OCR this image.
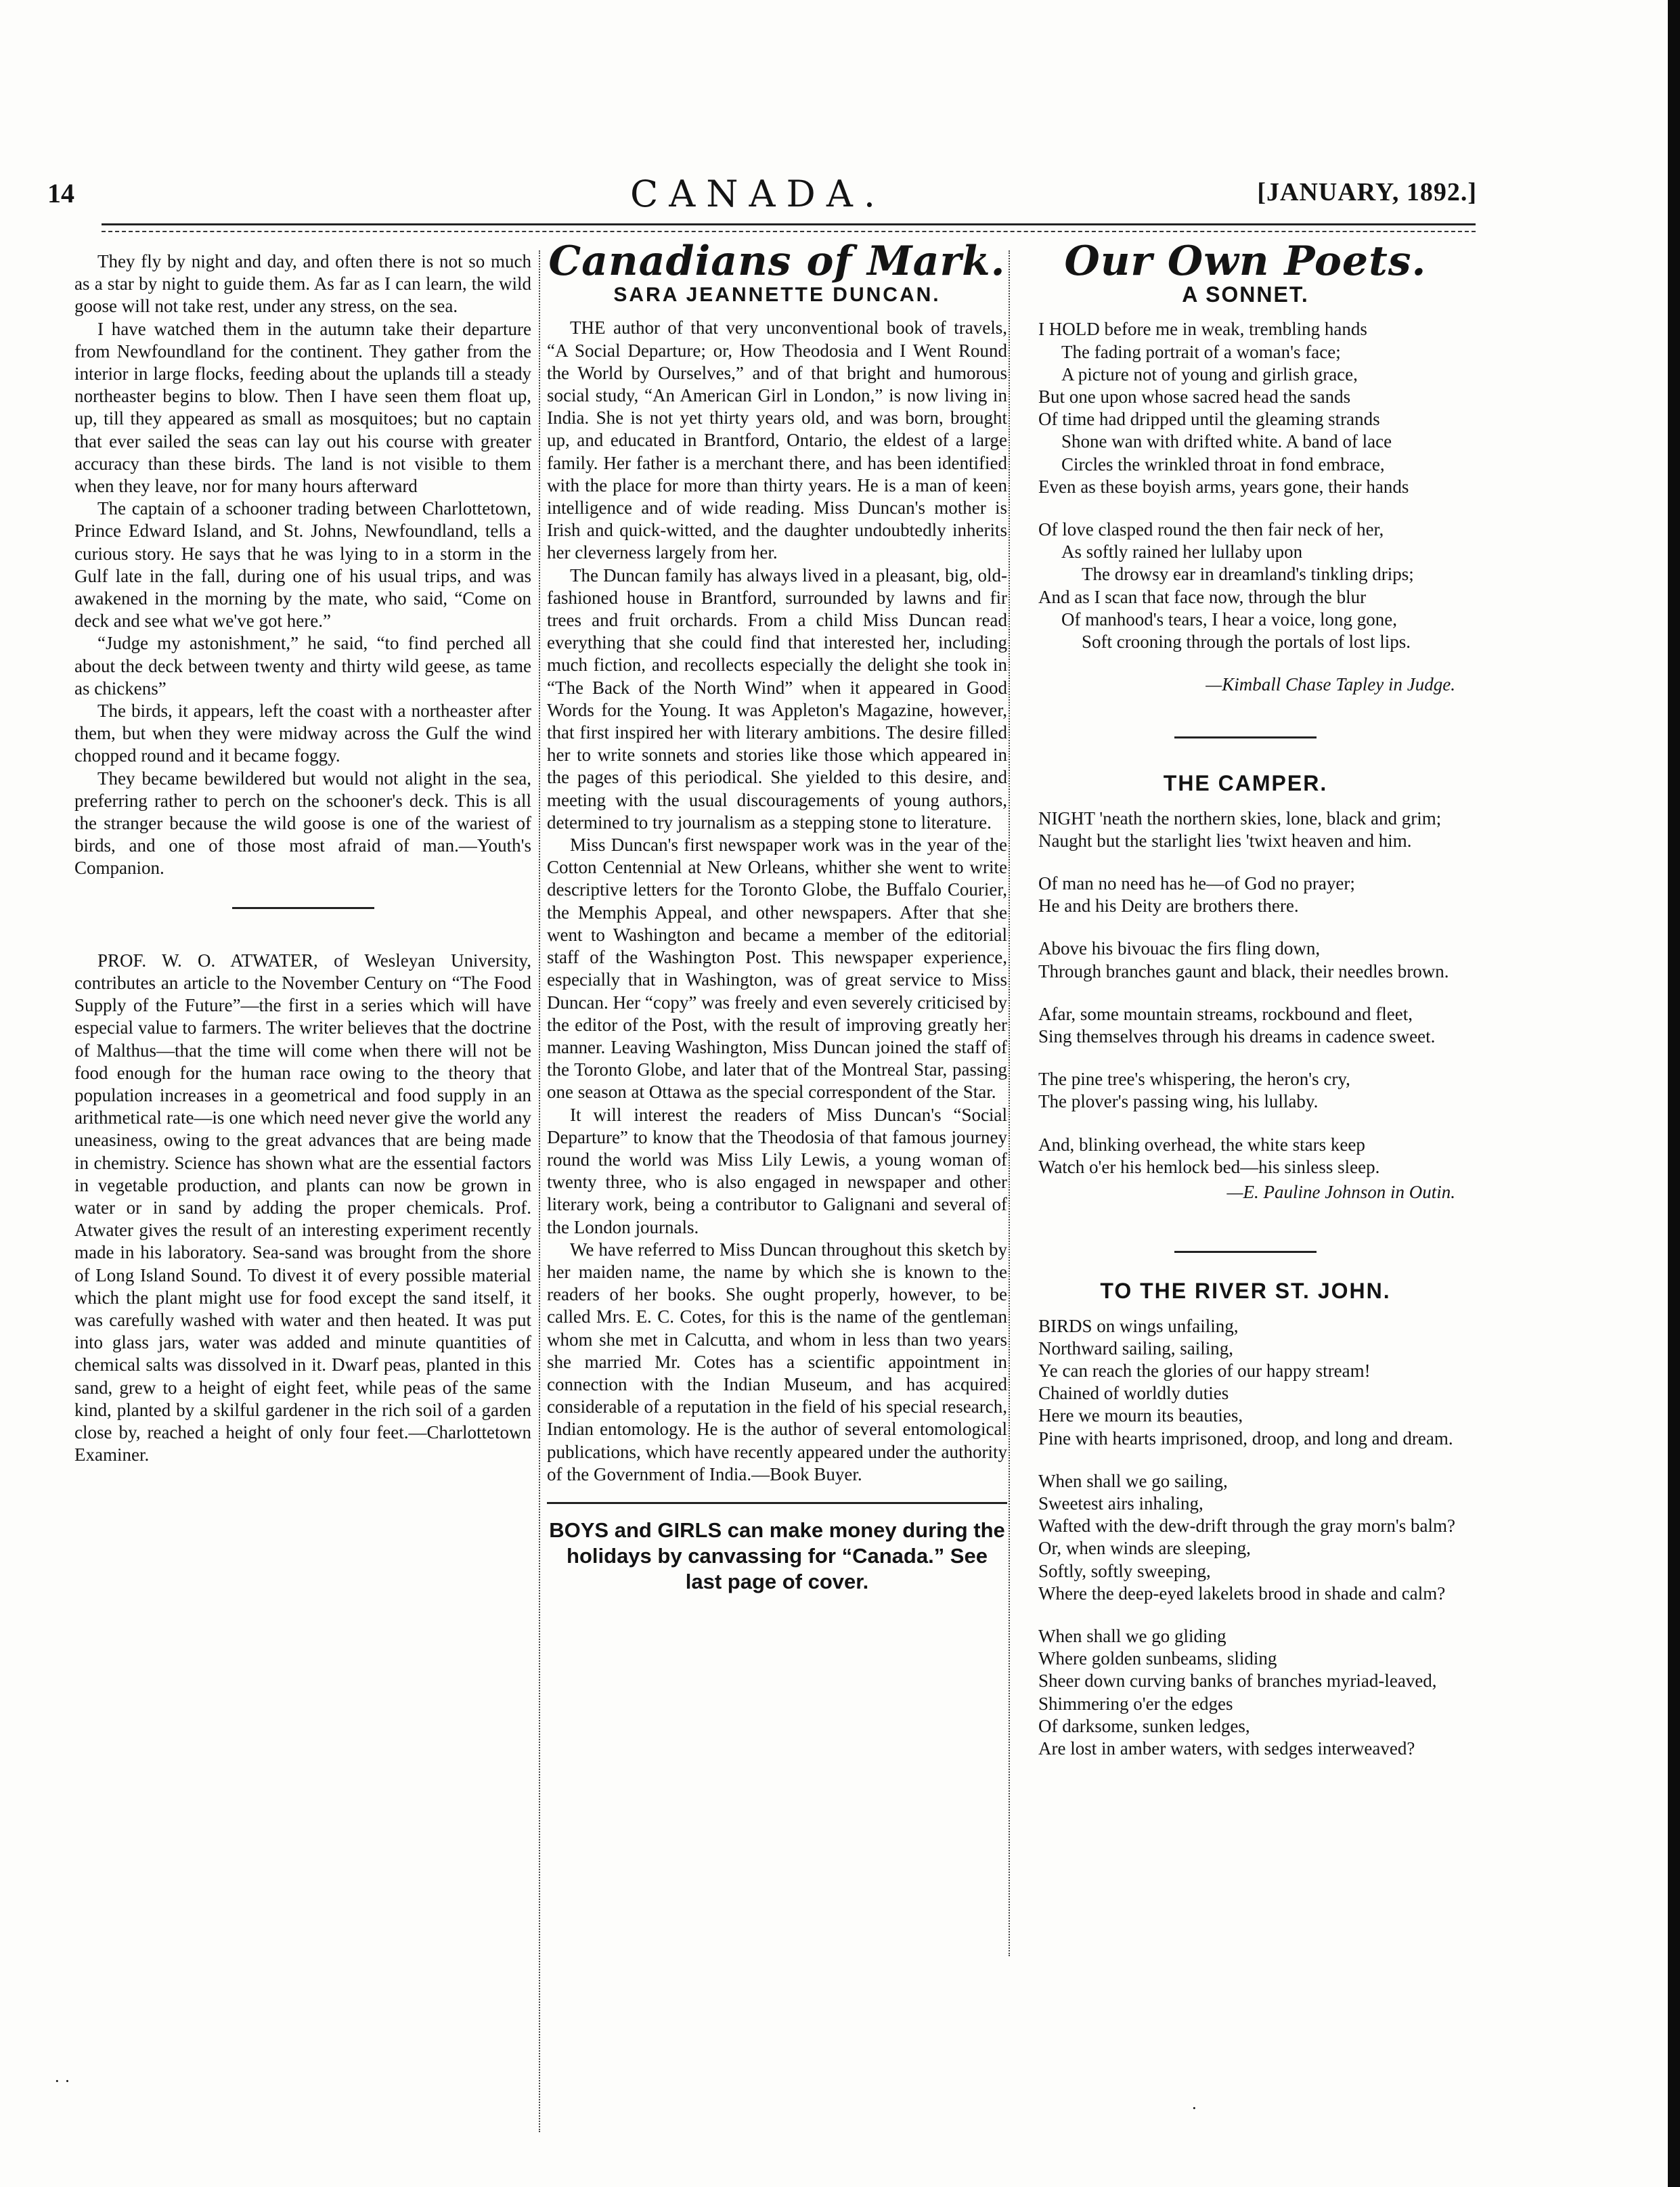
14	CANADA.	[JANUARY, 1892.]

They fly by night and day, and often there is not so much as a star by night to guide them. As far as I can learn, the wild goose will not take rest, under any stress, on the sea.

I have watched them in the autumn take their departure from Newfoundland for the continent. They gather from the interior in large flocks, feeding about the uplands till a steady northeaster begins to blow. Then I have seen them float up, up, till they appeared as small as mosquitoes; but no captain that ever sailed the seas can lay out his course with greater accuracy than these birds. The land is not visible to them when they leave, nor for many hours afterward

The captain of a schooner trading between Charlottetown, Prince Edward Island, and St. Johns, Newfoundland, tells a curious story. He says that he was lying to in a storm in the Gulf late in the fall, during one of his usual trips, and was awakened in the morning by the mate, who said, “Come on deck and see what we've got here.”

“Judge my astonishment,” he said, “to find perched all about the deck between twenty and thirty wild geese, as tame as chickens”

The birds, it appears, left the coast with a northeaster after them, but when they were midway across the Gulf the wind chopped round and it became foggy.

They became bewildered but would not alight in the sea, preferring rather to perch on the schooner's deck. This is all the stranger because the wild goose is one of the wariest of birds, and one of those most afraid of man.—Youth's Companion.

PROF. W. O. ATWATER, of Wesleyan University, contributes an article to the November Century on “The Food Supply of the Future”—the first in a series which will have especial value to farmers. The writer believes that the doctrine of Malthus—that the time will come when there will not be food enough for the human race owing to the theory that population increases in a geometrical and food supply in an arithmetical rate—is one which need never give the world any uneasiness, owing to the great advances that are being made in chemistry. Science has shown what are the essential factors in vegetable production, and plants can now be grown in water or in sand by adding the proper chemicals. Prof. Atwater gives the result of an interesting experiment recently made in his laboratory. Sea-sand was brought from the shore of Long Island Sound. To divest it of every possible material which the plant might use for food except the sand itself, it was carefully washed with water and then heated. It was put into glass jars, water was added and minute quantities of chemical salts was dissolved in it. Dwarf peas, planted in this sand, grew to a height of eight feet, while peas of the same kind, planted by a skilful gardener in the rich soil of a garden close by, reached a height of only four feet.—Charlottetown Examiner.

Canadians of Mark.
SARA JEANNETTE DUNCAN.

THE author of that very unconventional book of travels, “A Social Departure; or, How Theodosia and I Went Round the World by Ourselves,” and of that bright and humorous social study, “An American Girl in London,” is now living in India. She is not yet thirty years old, and was born, brought up, and educated in Brantford, Ontario, the eldest of a large family. Her father is a merchant there, and has been identified with the place for more than thirty years. He is a man of keen intelligence and of wide reading. Miss Duncan's mother is Irish and quick-witted, and the daughter undoubtedly inherits her cleverness largely from her.

The Duncan family has always lived in a pleasant, big, old-fashioned house in Brantford, surrounded by lawns and fir trees and fruit orchards. From a child Miss Duncan read everything that she could find that interested her, including much fiction, and recollects especially the delight she took in “The Back of the North Wind” when it appeared in Good Words for the Young. It was Appleton's Magazine, however, that first inspired her with literary ambitions. The desire filled her to write sonnets and stories like those which appeared in the pages of this periodical. She yielded to this desire, and meeting with the usual discouragements of young authors, determined to try journalism as a stepping stone to literature.

Miss Duncan's first newspaper work was in the year of the Cotton Centennial at New Orleans, whither she went to write descriptive letters for the Toronto Globe, the Buffalo Courier, the Memphis Appeal, and other newspapers. After that she went to Washington and became a member of the editorial staff of the Washington Post. This newspaper experience, especially that in Washington, was of great service to Miss Duncan. Her “copy” was freely and even severely criticised by the editor of the Post, with the result of improving greatly her manner. Leaving Washington, Miss Duncan joined the staff of the Toronto Globe, and later that of the Montreal Star, passing one season at Ottawa as the special correspondent of the Star.

It will interest the readers of Miss Duncan's “Social Departure” to know that the Theodosia of that famous journey round the world was Miss Lily Lewis, a young woman of twenty three, who is also engaged in newspaper and other literary work, being a contributor to Galignani and several of the London journals.

We have referred to Miss Duncan throughout this sketch by her maiden name, the name by which she is known to the readers of her books. She ought properly, however, to be called Mrs. E. C. Cotes, for this is the name of the gentleman whom she met in Calcutta, and whom in less than two years she married Mr. Cotes has a scientific appointment in connection with the Indian Museum, and has acquired considerable of a reputation in the field of his special research, Indian entomology. He is the author of several entomological publications, which have recently appeared under the authority of the Government of India.—Book Buyer.

BOYS and GIRLS can make money during the holidays by canvassing for “Canada.” See last page of cover.
Our Own Poets.
A SONNET.

I HOLD before me in weak, trembling hands

The fading portrait of a woman's face;

A picture not of young and girlish grace,

But one upon whose sacred head the sands

Of time had dripped until the gleaming strands

Shone wan with drifted white. A band of lace

Circles the wrinkled throat in fond embrace,

Even as these boyish arms, years gone, their hands

Of love clasped round the then fair neck of her,

As softly rained her lullaby upon

The drowsy ear in dreamland's tinkling drips;

And as I scan that face now, through the blur

Of manhood's tears, I hear a voice, long gone,

Soft crooning through the portals of lost lips.

—Kimball Chase Tapley in Judge.

THE CAMPER.

NIGHT 'neath the northern skies, lone, black and grim;

Naught but the starlight lies 'twixt heaven and him.

Of man no need has he—of God no prayer;

He and his Deity are brothers there.

Above his bivouac the firs fling down,

Through branches gaunt and black, their needles brown.

Afar, some mountain streams, rockbound and fleet,

Sing themselves through his dreams in cadence sweet.

The pine tree's whispering, the heron's cry,

The plover's passing wing, his lullaby.

And, blinking overhead, the white stars keep

Watch o'er his hemlock bed—his sinless sleep.

—E. Pauline Johnson in Outin.

TO THE RIVER ST. JOHN.

BIRDS on wings unfailing,

Northward sailing, sailing,

Ye can reach the glories of our happy stream!

Chained of worldly duties

Here we mourn its beauties,

Pine with hearts imprisoned, droop, and long and dream.

When shall we go sailing,

Sweetest airs inhaling,

Wafted with the dew-drift through the gray morn's balm?

Or, when winds are sleeping,

Softly, softly sweeping,

Where the deep-eyed lakelets brood in shade and calm?

When shall we go gliding

Where golden sunbeams, sliding

Sheer down curving banks of branches myriad-leaved,

Shimmering o'er the edges

Of darksome, sunken ledges,

Are lost in amber waters, with sedges interweaved?

· ·
·
